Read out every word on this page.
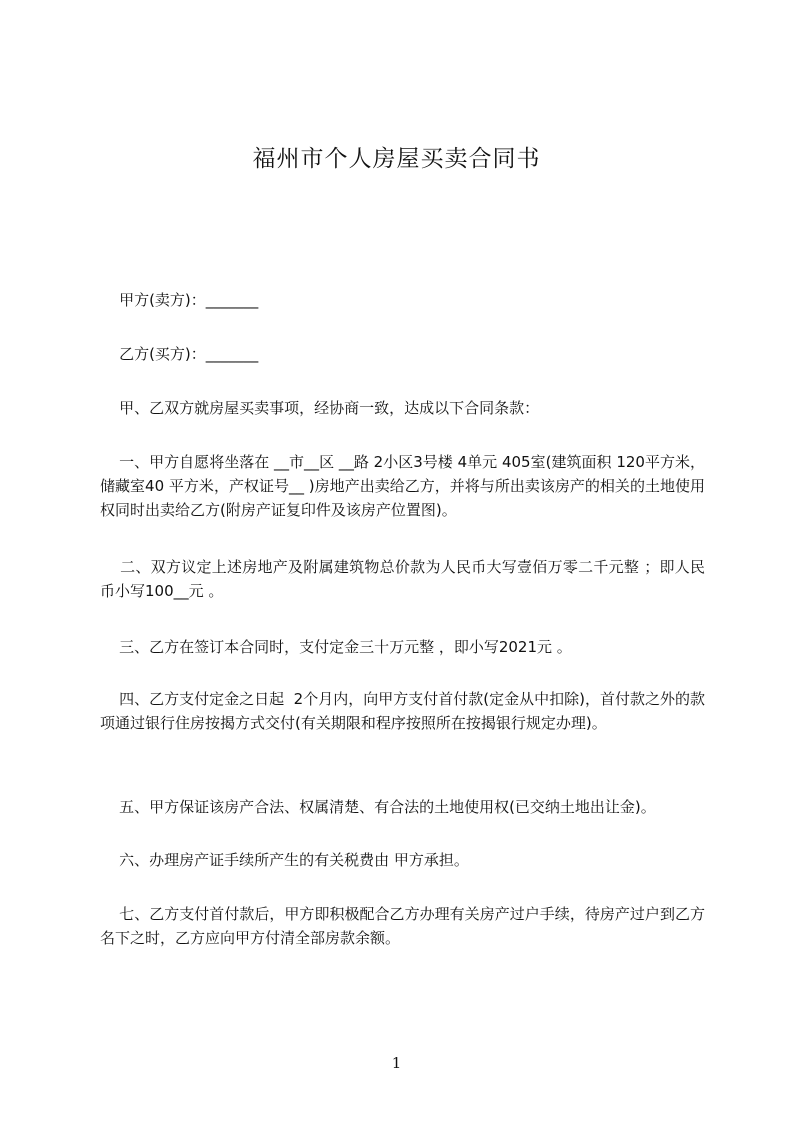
福州市个人房屋买卖合同书
甲方(卖方)：_______
乙方(买方)：_______
甲、乙双方就房屋买卖事项，经协商一致，达成以下合同条款：
一、甲方自愿将坐落在 __市__区 __路 2小区3号楼 4单元 405室(建筑面积 120平方米，储藏室40 平方米，产权证号__ )房地产出卖给乙方，并将与所出卖该房产的相关的土地使用权同时出卖给乙方(附房产证复印件及该房产位置图)。
二、双方议定上述房地产及附属建筑物总价款为人民币大写壹佰万零二千元整 ；即人民币小写100__元 。
三、乙方在签订本合同时，支付定金三十万元整 ，即小写2021元 。
四、乙方支付定金之日起  2个月内，向甲方支付首付款(定金从中扣除)，首付款之外的款项通过银行住房按揭方式交付(有关期限和程序按照所在按揭银行规定办理)。
五、甲方保证该房产合法、权属清楚、有合法的土地使用权(已交纳土地出让金)。
六、办理房产证手续所产生的有关税费由 甲方承担。
七、乙方支付首付款后，甲方即积极配合乙方办理有关房产过户手续，待房产过户到乙方名下之时，乙方应向甲方付清全部房款余额。
1
